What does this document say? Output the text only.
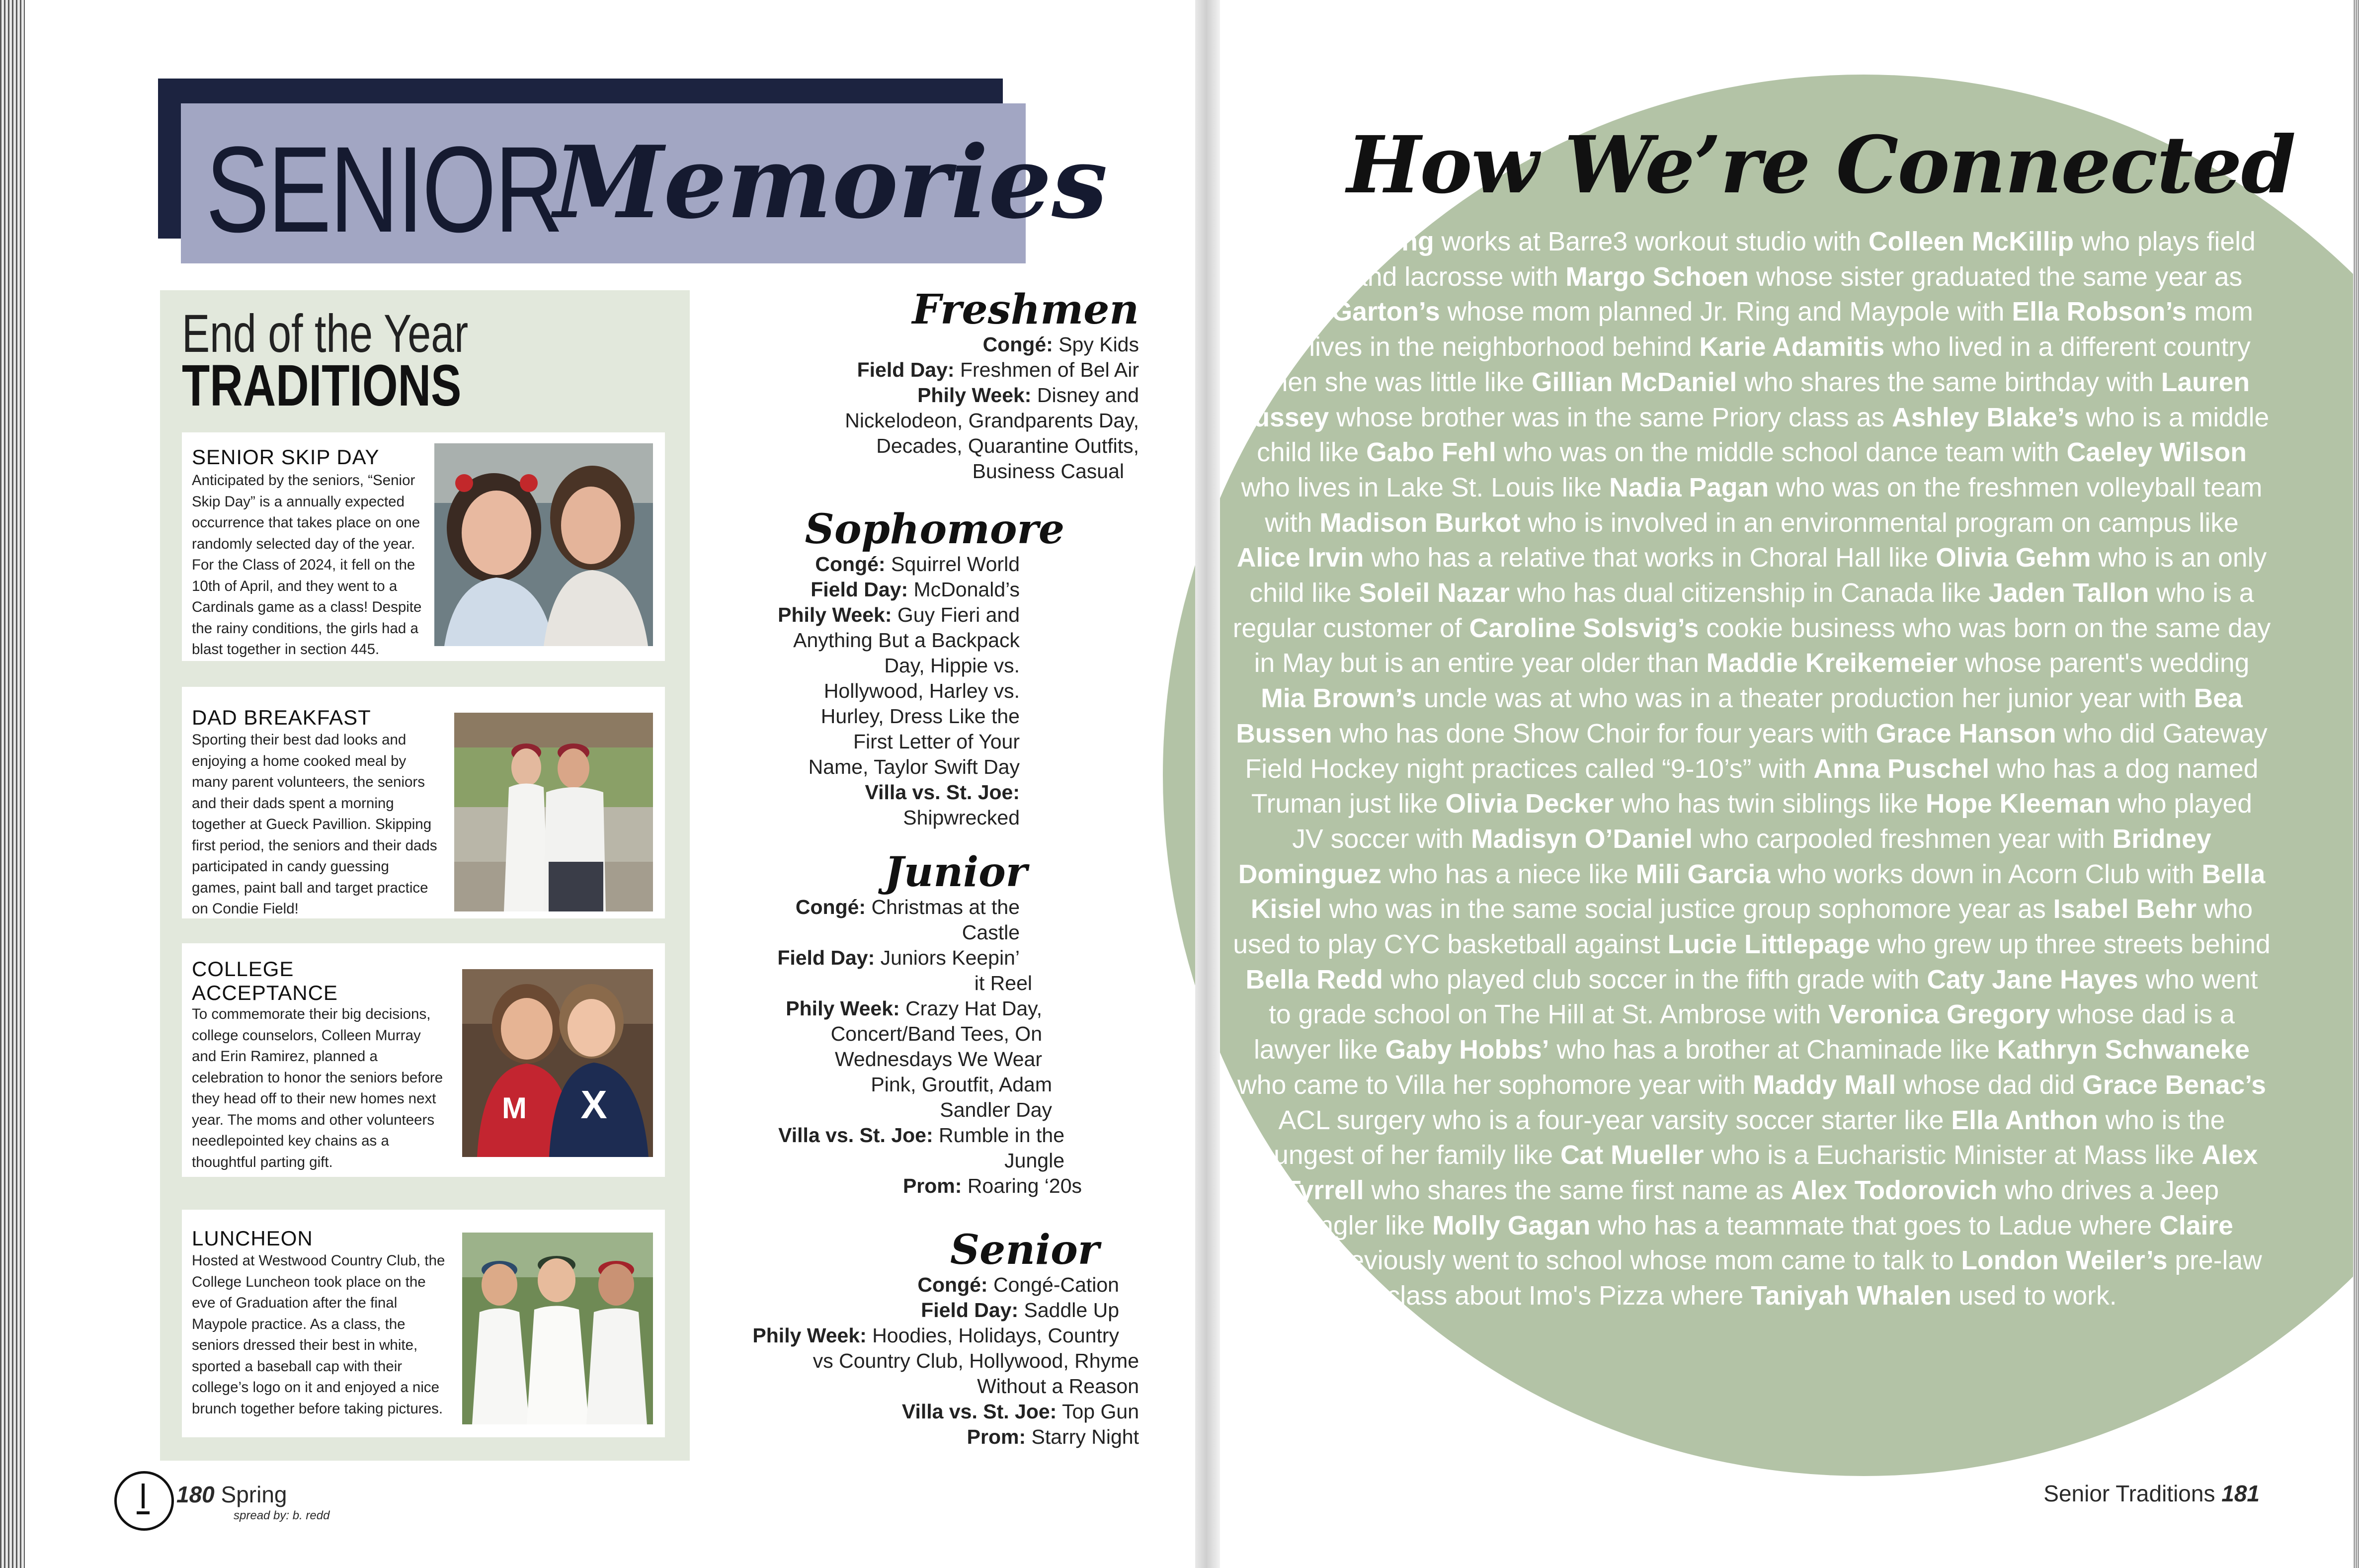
SENIOR
Memories
End of the Year
TRADITIONS
SENIOR SKIP DAY
Anticipated by the seniors, “Senior Skip Day” is a annually expected occurrence that takes place on one randomly selected day of the year. For the Class of 2024, it fell on the 10th of April, and they went to a Cardinals game as a class! Despite the rainy conditions, the girls had a blast together in section 445.
DAD BREAKFAST
Sporting their best dad looks and enjoying a home cooked meal by many parent volunteers, the seniors and their dads spent a morning together at Gueck Pavillion. Skipping first period, the seniors and their dads participated in candy guessing games, paint ball and target practice on Condie Field!
COLLEGE ACCEPTANCE
To commemorate their big decisions, college counselors, Colleen Murray and Erin Ramirez, planned a celebration to honor the seniors before they head off to their new homes next year. The moms and other volunteers needlepointed key chains as a thoughtful parting gift.
X
M
LUNCHEON
Hosted at Westwood Country Club, the College Luncheon took place on the eve of Graduation after the final Maypole practice. As a class, the seniors dressed their best in white, sported a baseball cap with their college’s logo on it and enjoyed a nice brunch together before taking pictures.
Freshmen
Congé: Spy Kids
Field Day: Freshmen of Bel Air
Phily Week: Disney and
Nickelodeon, Grandparents Day,
Decades, Quarantine Outfits,
Business Casual
Sophomore
Congé: Squirrel World
Field Day: McDonald’s
Phily Week: Guy Fieri and
Anything But a Backpack
Day, Hippie vs.
Hollywood, Harley vs.
Hurley, Dress Like the
First Letter of Your
Name, Taylor Swift Day
Villa vs. St. Joe:
Shipwrecked
Junior
Congé: Christmas at the
Castle
Field Day: Juniors Keepin’
it Reel
Phily Week: Crazy Hat Day,
Concert/Band Tees, On
Wednesdays We Wear
Pink, Groutfit, Adam
Sandler Day
Villa vs. St. Joe: Rumble in the
Jungle
Prom: Roaring ‘20s
Senior
Congé: Congé-Cation
Field Day: Saddle Up
Phily Week: Hoodies, Holidays, Country
vs Country Club, Hollywood, Rhyme
Without a Reason
Villa vs. St. Joe: Top Gun
Prom: Starry Night
How We’re Connected
Marin Rohlfing works at Barre3 workout studio with Colleen McKillip who plays field hockey and lacrosse with Margo Schoen whose sister graduated the same year as Claire Garton’s whose mom planned Jr. Ring and Maypole with Ella Robson’s mom who lives in the neighborhood behind Karie Adamitis who lived in a different country when she was little like Gillian McDaniel who shares the same birthday with Lauren Hussey whose brother was in the same Priory class as Ashley Blake’s who is a middle child like Gabo Fehl who was on the middle school dance team with Caeley Wilson who lives in Lake St. Louis like Nadia Pagan who was on the freshmen volleyball team with Madison Burkot who is involved in an environmental program on campus like Alice Irvin who has a relative that works in Choral Hall like Olivia Gehm who is an only child like Soleil Nazar who has dual citizenship in Canada like Jaden Tallon who is a regular customer of Caroline Solsvig’s cookie business who was born on the same day in May but is an entire year older than Maddie Kreikemeier whose parent's wedding Mia Brown’s uncle was at who was in a theater production her junior year with Bea Bussen who has done Show Choir for four years with Grace Hanson who did Gateway Field Hockey night practices called “9-10’s” with Anna Puschel who has a dog named Truman just like Olivia Decker who has twin siblings like Hope Kleeman who played JV soccer with Madisyn O’Daniel who carpooled freshmen year with Bridney Dominguez who has a niece like Mili Garcia who works down in Acorn Club with Bella Kisiel who was in the same social justice group sophomore year as Isabel Behr who used to play CYC basketball against Lucie Littlepage who grew up three streets behind Bella Redd who played club soccer in the fifth grade with Caty Jane Hayes who went to grade school on The Hill at St. Ambrose with Veronica Gregory whose dad is a lawyer like Gaby Hobbs’ who has a brother at Chaminade like Kathryn Schwaneke who came to Villa her sophomore year with Maddy Mall whose dad did Grace Benac’s ACL surgery who is a four-year varsity soccer starter like Ella Anthon who is the youngest of her family like Cat Mueller who is a Eucharistic Minister at Mass like Alex Tyrrell who shares the same first name as Alex Todorovich who drives a Jeep Wrangler like Molly Gagan who has a teammate that goes to Ladue where Claire Myers previously went to school whose mom came to talk to London Weiler’s pre-law class about Imo's Pizza where Taniyah Whalen used to work.
180 Spring
spread by: b. redd
Senior Traditions 181
